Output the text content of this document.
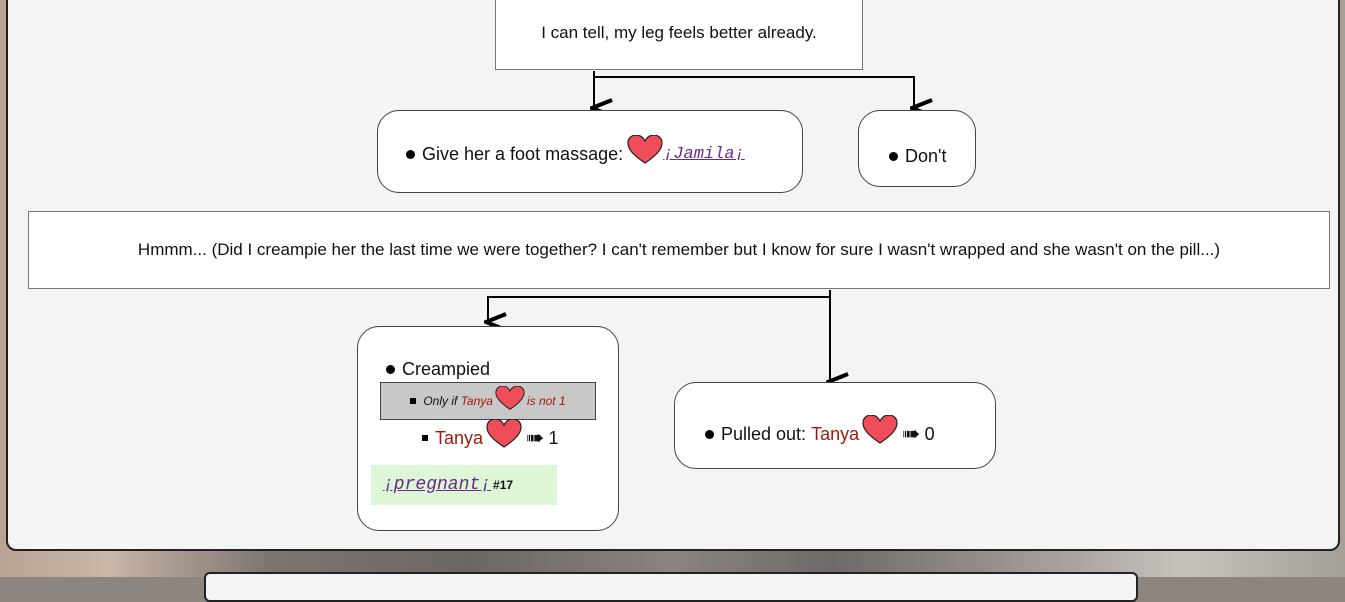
I can tell, my leg feels better already.
Give her a foot massage: ¡Jamila¡	Don't
Hmmm... (Did I creampie her the last time we were together? I can't remember but I know for sure I wasn't wrapped and she wasn't on the pill...)
Creampied
Only if
Tanya	is not 1
Tanya ➠ 1
¡pregnant¡ #17
Pulled out:
Tanya ➠ 0
